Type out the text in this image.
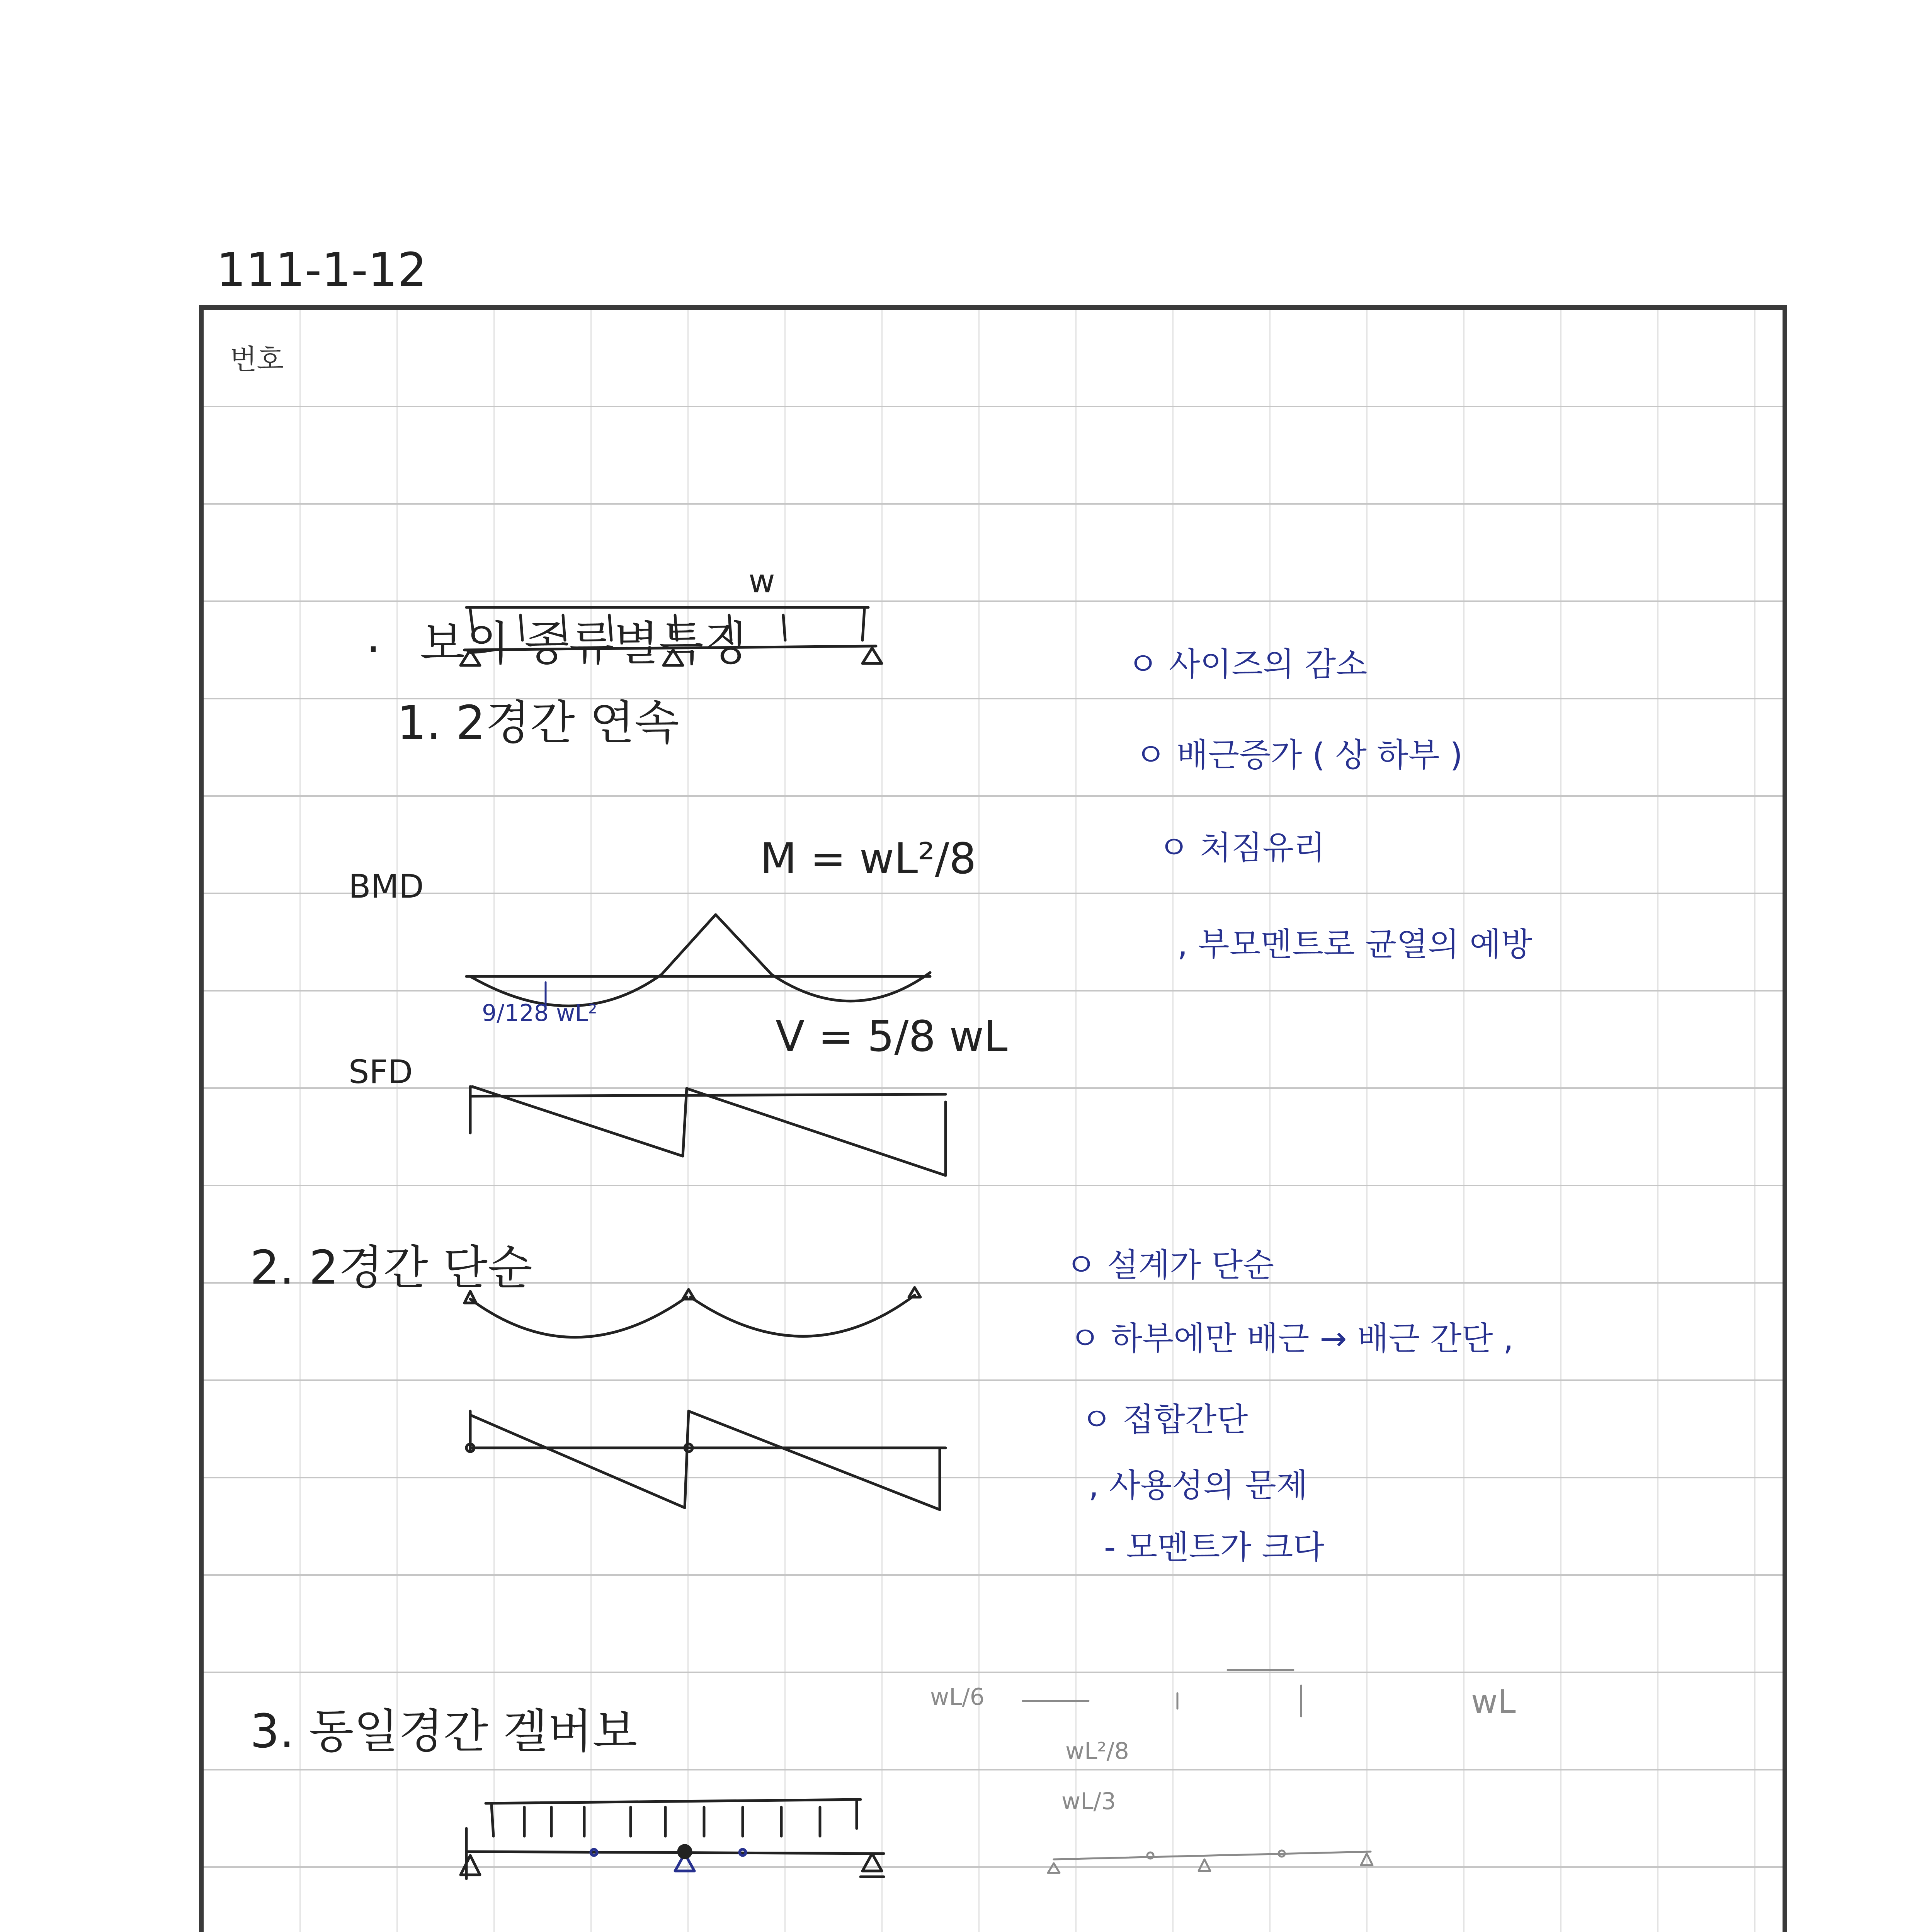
111-1-12
번호
· 보의 종류별특징
1. 2경간 연속
w
BMD
M = wL²/8
9/128 wL²
SFD
V = 5/8 wL
ㅇ 사이즈의 감소
ㅇ 배근증가 ( 상 하부 )
ㅇ 처짐유리
, 부모멘트로 균열의 예방
2. 2경간 단순	ㅇ 설계가 단순
ㅇ 하부에만 배근 → 배근 간단 ,
ㅇ 접합간단
, 사용성의 문제
- 모멘트가 크다
3. 동일경간 겔버보
wL
wL/6
wL²/8
wL/3
